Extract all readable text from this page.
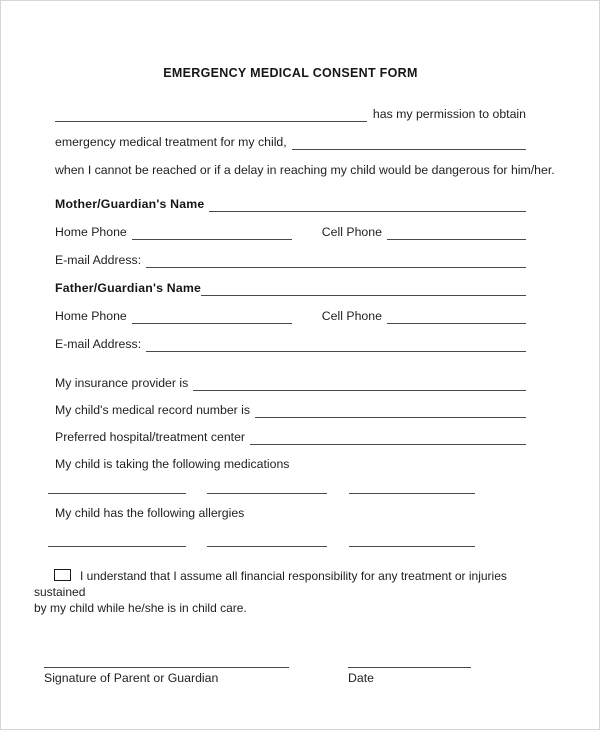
EMERGENCY MEDICAL CONSENT FORM
has my permission to obtain
emergency medical treatment for my child,
when I cannot be reached or if a delay in reaching my child would be dangerous for him/her.
Mother/Guardian's Name
Home Phone	Cell Phone
E-mail Address:
Father/Guardian's Name
Home Phone	Cell Phone
E-mail Address:
My insurance provider is
My child's medical record number is
Preferred hospital/treatment center
My child is taking the following medications
My child has the following allergies

I understand that I assume all financial responsibility for any treatment or injuries sustained
by my child while he/she is in child care.

Signature of Parent or Guardian	Date
